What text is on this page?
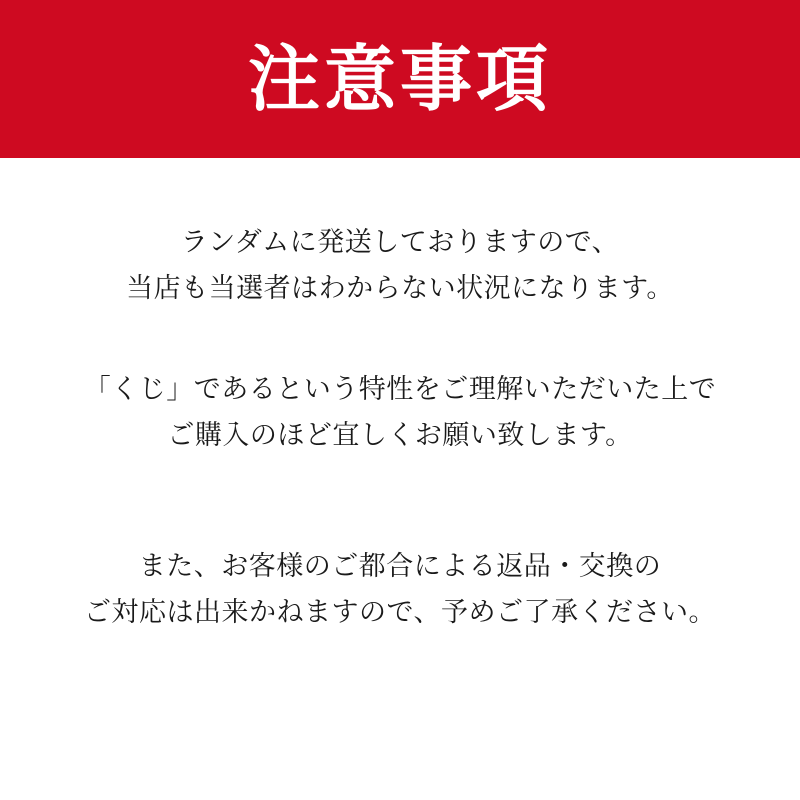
注意事項
ランダムに発送しておりますので、
当店も当選者はわからない状況になります。
「くじ」であるという特性をご理解いただいた上で
ご購入のほど宜しくお願い致します。
また、お客様のご都合による返品・交換の
ご対応は出来かねますので、予めご了承ください。
